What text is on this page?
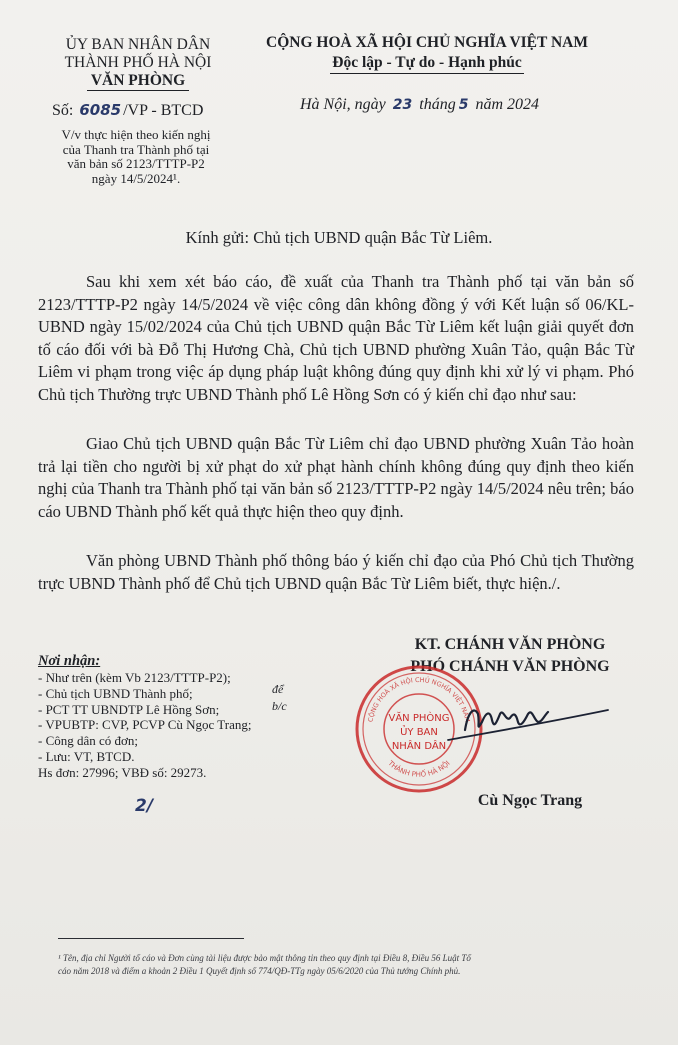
ỦY BAN NHÂN DÂN
THÀNH PHỐ HÀ NỘI
VĂN PHÒNG
Số: 6085 /VP - BTCD
V/v thực hiện theo kiến nghị
của Thanh tra Thành phố tại
văn bản số 2123/TTTP-P2
ngày 14/5/2024¹.
CỘNG HOÀ XÃ HỘI CHỦ NGHĨA VIỆT NAM
Độc lập - Tự do - Hạnh phúc
Hà Nội, ngày 23 tháng 5 năm 2024
Kính gửi: Chủ tịch UBND quận Bắc Từ Liêm.
Sau khi xem xét báo cáo, đề xuất của Thanh tra Thành phố tại văn bản số 2123/TTTP-P2 ngày 14/5/2024 về việc công dân không đồng ý với Kết luận số 06/KL-UBND ngày 15/02/2024 của Chủ tịch UBND quận Bắc Từ Liêm kết luận giải quyết đơn tố cáo đối với bà Đỗ Thị Hương Chà, Chủ tịch UBND phường Xuân Tảo, quận Bắc Từ Liêm vi phạm trong việc áp dụng pháp luật không đúng quy định khi xử lý vi phạm. Phó Chủ tịch Thường trực UBND Thành phố Lê Hồng Sơn có ý kiến chỉ đạo như sau:
Giao Chủ tịch UBND quận Bắc Từ Liêm chỉ đạo UBND phường Xuân Tảo hoàn trả lại tiền cho người bị xử phạt do xử phạt hành chính không đúng quy định theo kiến nghị của Thanh tra Thành phố tại văn bản số 2123/TTTP-P2 ngày 14/5/2024 nêu trên; báo cáo UBND Thành phố kết quả thực hiện theo quy định.
Văn phòng UBND Thành phố thông báo ý kiến chỉ đạo của Phó Chủ tịch Thường trực UBND Thành phố để Chủ tịch UBND quận Bắc Từ Liêm biết, thực hiện./.
Nơi nhận:
- Như trên (kèm Vb 2123/TTTP-P2);
- Chủ tịch UBND Thành phố;
- PCT TT UBNDTP Lê Hồng Sơn;
- VPUBTP: CVP, PCVP Cù Ngọc Trang;
- Công dân có đơn;
- Lưu: VT, BTCD.
Hs đơn: 27996; VBĐ số: 29273.
để
b/c
2/
KT. CHÁNH VĂN PHÒNG
PHÓ CHÁNH VĂN PHÒNG
CỘNG HOÀ XÃ HỘI CHỦ NGHĨA VIỆT NAM
THÀNH PHỐ HÀ NỘI
VĂN PHÒNG
ỦY BAN
NHÂN DÂN
Cù Ngọc Trang
¹ Tên, địa chỉ Người tố cáo và Đơn cùng tài liệu được bảo mật thông tin theo quy định tại Điều 8, Điều 56 Luật Tố
cáo năm 2018 và điểm a khoản 2 Điều 1 Quyết định số 774/QĐ-TTg ngày 05/6/2020 của Thủ tướng Chính phủ.
